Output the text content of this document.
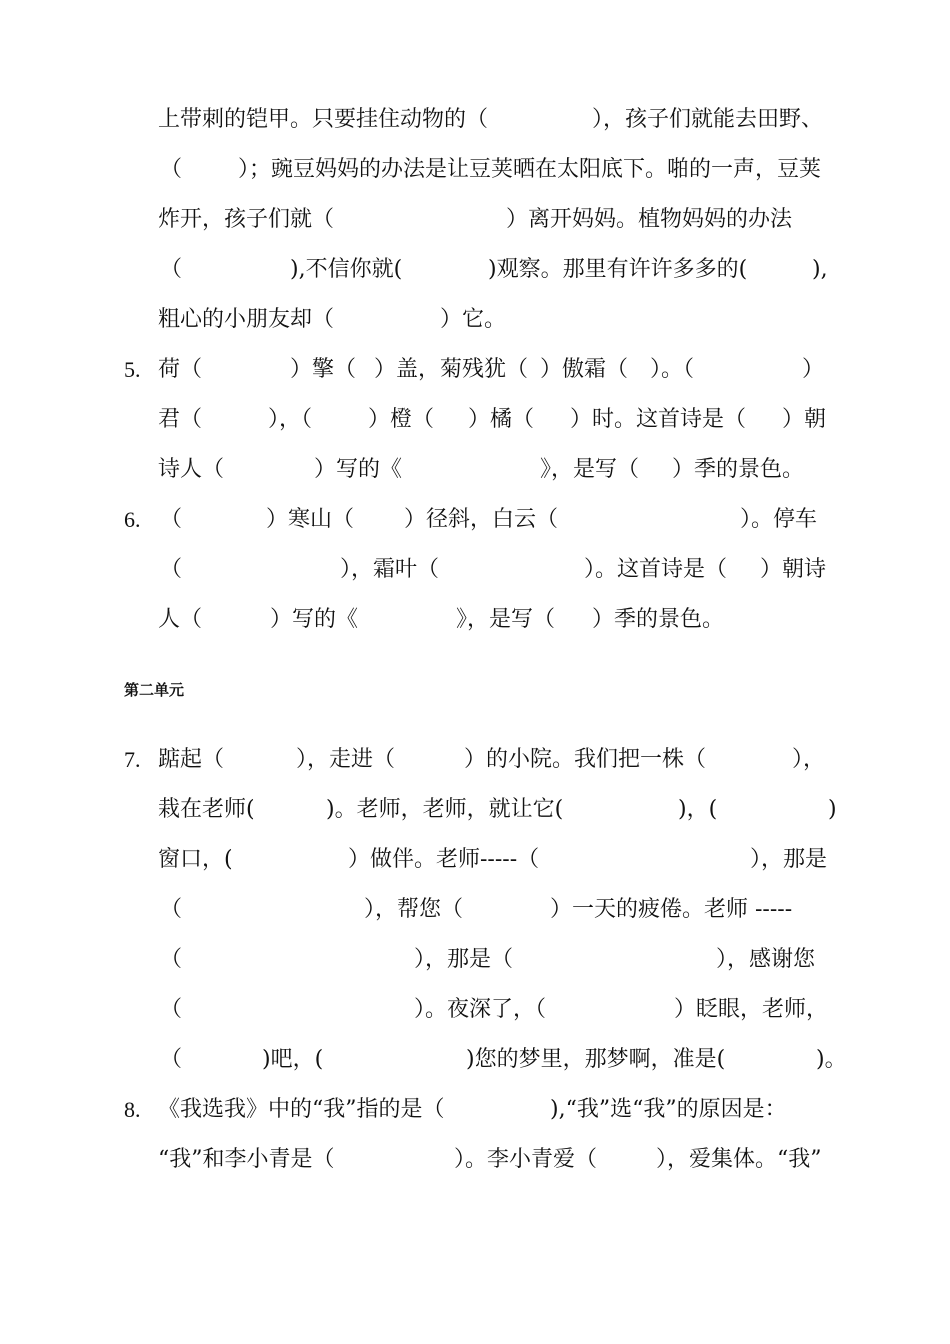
上带刺的铠甲。只要挂住动物的（	），孩子们就能去田野、
（	）；豌豆妈妈的办法是让豆荚晒在太阳底下。啪的一声，豆荚
炸开，孩子们就（	）离开妈妈。植物妈妈的办法
（	),不信你就(	)观察。那里有许许多多的(	),
粗心的小朋友却（	）它。
5. 荷（	）擎（ ）盖，菊残犹（ ）傲霜（ ）。（	）
君（	），（	）橙（ ）橘（ ）时。这首诗是（ ）朝
诗人（	）写的《	》，是写（ ）季的景色。
6. （	）寒山（ ）径斜，白云（	）。停车
（	），霜叶（	）。这首诗是（ ）朝诗
人（	）写的《	》，是写（ ）季的景色。
第二单元
7. 踮起（	），走进（	）的小院。我们把一株（	），
栽在老师(	)。老师，老师，就让它(	)，(	)
窗口，(	）做伴。老师-----（	），那是
（	），帮您（	）一天的疲倦。老师 -----
（	），那是（	），感谢您
（	）。夜深了，（	）眨眼，老师，
（	)吧，(	)您的梦里，那梦啊，准是(	)。
8. 《我选我》中的“我”指的是（	),“我”选“我”的原因是：
“我”和李小青是（	）。李小青爱（	），爱集体。“我”
